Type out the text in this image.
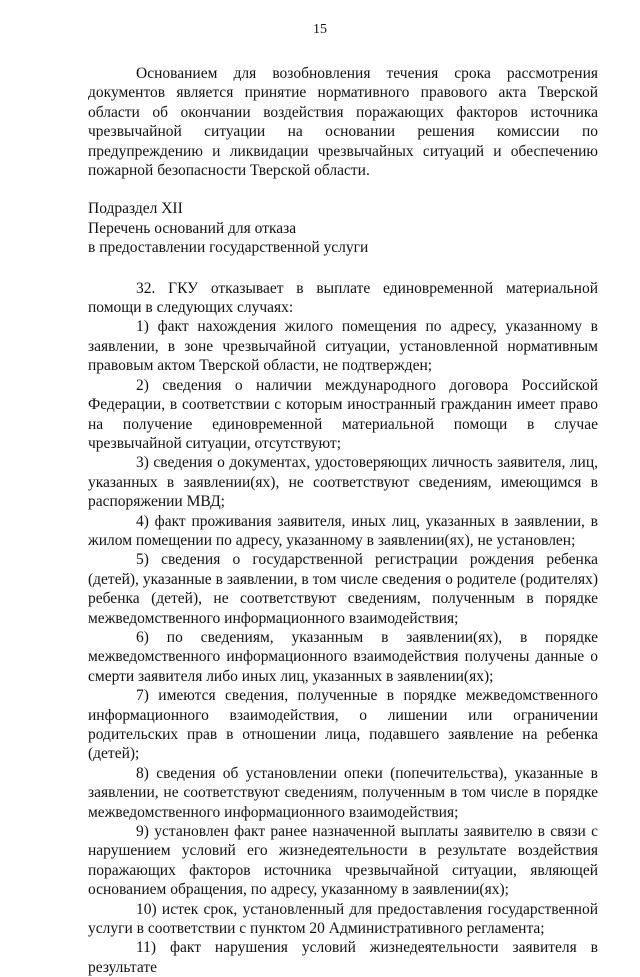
15

Основанием для возобновления течения срока рассмотрения документов является принятие нормативного правового акта Тверской области об окончании воздействия поражающих факторов источника чрезвычайной ситуации на основании решения комиссии по предупреждению и ликвидации чрезвычайных ситуаций и обеспечению пожарной безопасности Тверской области.

Подраздел XII

Перечень оснований для отказа

в предоставлении государственной услуги

32. ГКУ отказывает в выплате единовременной материальной помощи в следующих случаях:

1) факт нахождения жилого помещения по адресу, указанному в заявлении, в зоне чрезвычайной ситуации, установленной нормативным правовым актом Тверской области, не подтвержден;

2) сведения о наличии международного договора Российской Федерации, в соответствии с которым иностранный гражданин имеет право на получение единовременной материальной помощи в случае чрезвычайной ситуации, отсутствуют;

3) сведения о документах, удостоверяющих личность заявителя, лиц, указанных в заявлении(ях), не соответствуют сведениям, имеющимся в распоряжении МВД;

4) факт проживания заявителя, иных лиц, указанных в заявлении, в жилом помещении по адресу, указанному в заявлении(ях), не установлен;

5) сведения о государственной регистрации рождения ребенка (детей), указанные в заявлении, в том числе сведения о родителе (родителях) ребенка (детей), не соответствуют сведениям, полученным в порядке межведомственного информационного взаимодействия;

6) по сведениям, указанным в заявлении(ях), в порядке межведомственного информационного взаимодействия получены данные о смерти заявителя либо иных лиц, указанных в заявлении(ях);

7) имеются сведения, полученные в порядке межведомственного информационного взаимодействия, о лишении или ограничении родительских прав в отношении лица, подавшего заявление на ребенка (детей);

8) сведения об установлении опеки (попечительства), указанные в заявлении, не соответствуют сведениям, полученным в том числе в порядке межведомственного информационного взаимодействия;

9) установлен факт ранее назначенной выплаты заявителю в связи с нарушением условий его жизнедеятельности в результате воздействия поражающих факторов источника чрезвычайной ситуации, являющей основанием обращения, по адресу, указанному в заявлении(ях);

10) истек срок, установленный для предоставления государственной услуги в соответствии с пунктом 20 Административного регламента;

11) факт нарушения условий жизнедеятельности заявителя в результате
